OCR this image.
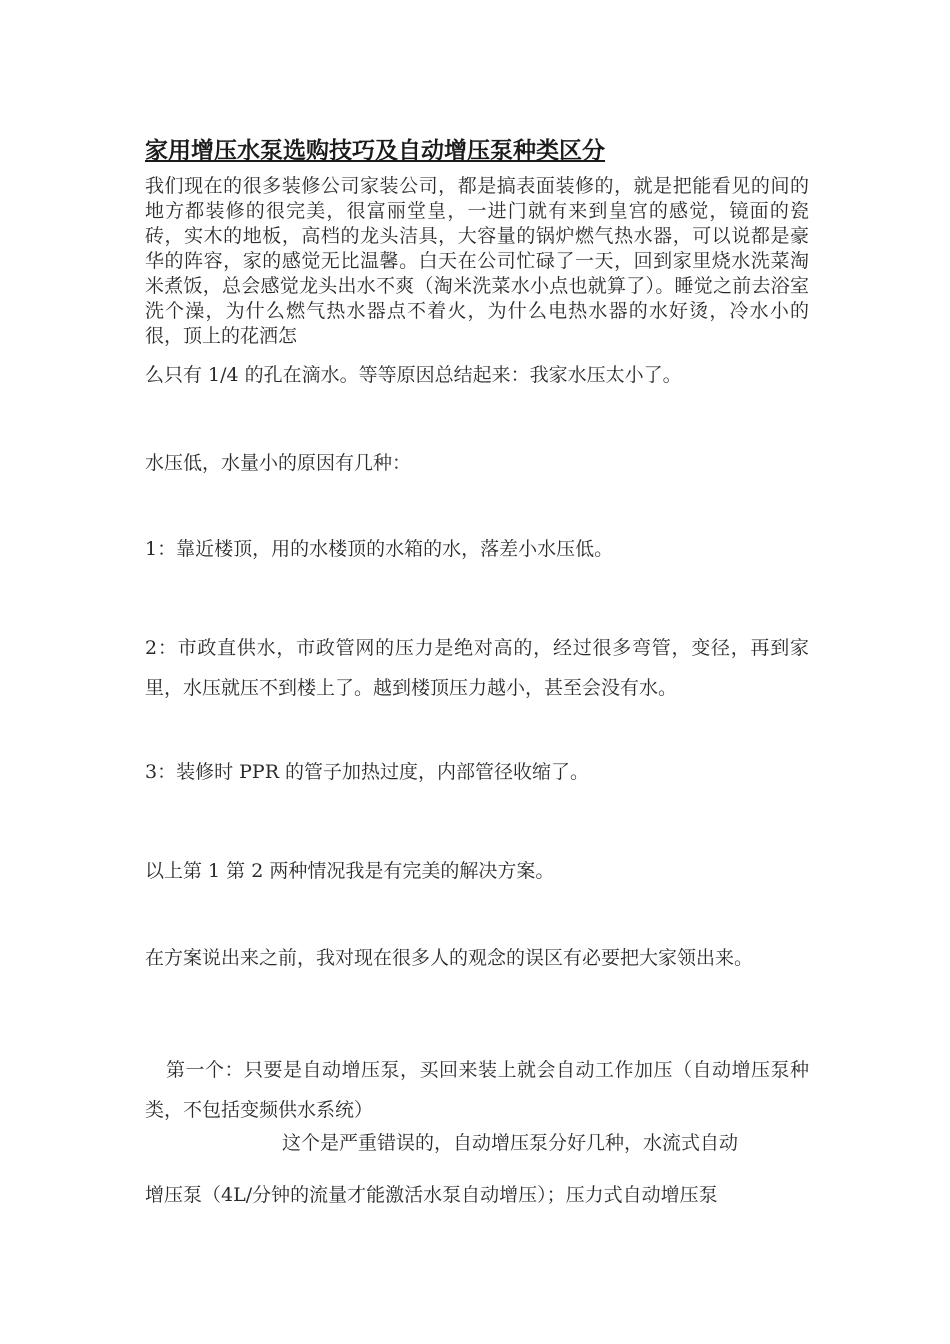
家用增压水泵选购技巧及自动增压泵种类区分
我们现在的很多装修公司家装公司，都是搞表面装修的，就是把能看见的间的地方都装修的很完美，很富丽堂皇，一进门就有来到皇宫的感觉，镜面的瓷砖，实木的地板，高档的龙头洁具，大容量的锅炉燃气热水器，可以说都是豪华的阵容，家的感觉无比温馨。白天在公司忙碌了一天，回到家里烧水洗菜淘米煮饭，总会感觉龙头出水不爽（淘米洗菜水小点也就算了）。睡觉之前去浴室洗个澡，为什么燃气热水器点不着火，为什么电热水器的水好烫，冷水小的很，顶上的花洒怎
么只有 1/4 的孔在滴水。等等原因总结起来：我家水压太小了。
水压低，水量小的原因有几种：
1：靠近楼顶，用的水楼顶的水箱的水，落差小水压低。
2：市政直供水，市政管网的压力是绝对高的，经过很多弯管，变径，再到家里，水压就压不到楼上了。越到楼顶压力越小，甚至会没有水。
3：装修时 PPR 的管子加热过度，内部管径收缩了。
以上第 1 第 2 两种情况我是有完美的解决方案。
在方案说出来之前，我对现在很多人的观念的误区有必要把大家领出来。
第一个：只要是自动增压泵，买回来装上就会自动工作加压（自动增压泵种类，不包括变频供水系统）
这个是严重错误的，自动增压泵分好几种，水流式自动
增压泵（4L/分钟的流量才能激活水泵自动增压）；压力式自动增压泵
